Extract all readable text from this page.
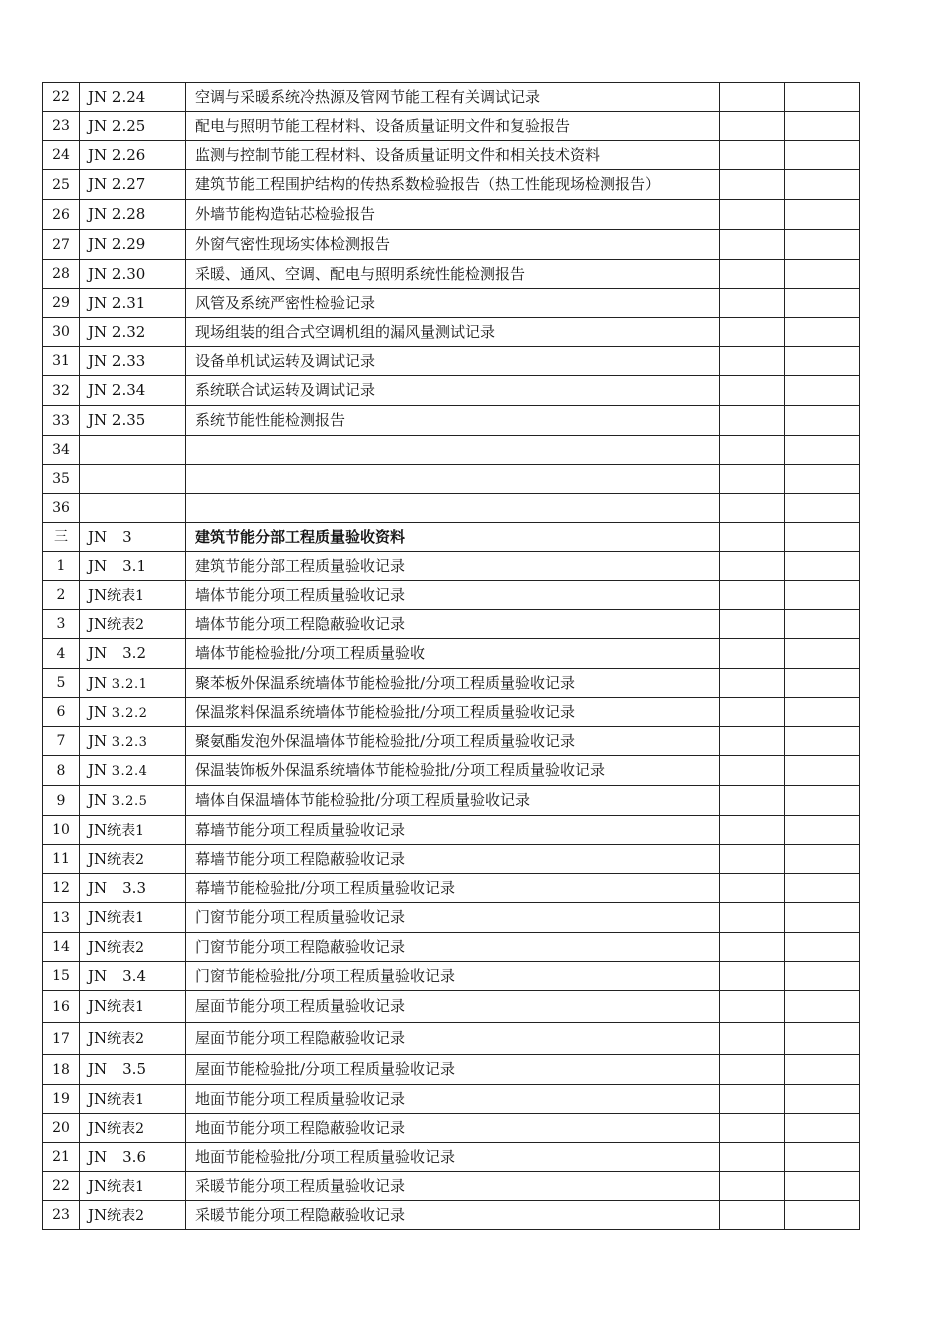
22	JN 2.24	空调与采暖系统冷热源及管网节能工程有关调试记录		
23	JN 2.25	配电与照明节能工程材料、设备质量证明文件和复验报告		
24	JN 2.26	监测与控制节能工程材料、设备质量证明文件和相关技术资料		
25	JN 2.27	建筑节能工程围护结构的传热系数检验报告（热工性能现场检测报告）		
26	JN 2.28	外墙节能构造钻芯检验报告		
27	JN 2.29	外窗气密性现场实体检测报告		
28	JN 2.30	采暖、通风、空调、配电与照明系统性能检测报告		
29	JN 2.31	风管及系统严密性检验记录		
30	JN 2.32	现场组装的组合式空调机组的漏风量测试记录		
31	JN 2.33	设备单机试运转及调试记录		
32	JN 2.34	系统联合试运转及调试记录		
33	JN 2.35	系统节能性能检测报告		
34				
35				
36				
三	JN　3	建筑节能分部工程质量验收资料		
1	JN　3.1	建筑节能分部工程质量验收记录		
2	JN统表1	墙体节能分项工程质量验收记录		
3	JN统表2	墙体节能分项工程隐蔽验收记录		
4	JN　3.2	墙体节能检验批/分项工程质量验收		
5	JN 3.2.1	聚苯板外保温系统墙体节能检验批/分项工程质量验收记录		
6	JN 3.2.2	保温浆料保温系统墙体节能检验批/分项工程质量验收记录		
7	JN 3.2.3	聚氨酯发泡外保温墙体节能检验批/分项工程质量验收记录		
8	JN 3.2.4	保温装饰板外保温系统墙体节能检验批/分项工程质量验收记录		
9	JN 3.2.5	墙体自保温墙体节能检验批/分项工程质量验收记录		
10	JN统表1	幕墙节能分项工程质量验收记录		
11	JN统表2	幕墙节能分项工程隐蔽验收记录		
12	JN　3.3	幕墙节能检验批/分项工程质量验收记录		
13	JN统表1	门窗节能分项工程质量验收记录		
14	JN统表2	门窗节能分项工程隐蔽验收记录		
15	JN　3.4	门窗节能检验批/分项工程质量验收记录		
16	JN统表1	屋面节能分项工程质量验收记录		
17	JN统表2	屋面节能分项工程隐蔽验收记录		
18	JN　3.5	屋面节能检验批/分项工程质量验收记录		
19	JN统表1	地面节能分项工程质量验收记录		
20	JN统表2	地面节能分项工程隐蔽验收记录		
21	JN　3.6	地面节能检验批/分项工程质量验收记录		
22	JN统表1	采暖节能分项工程质量验收记录		
23	JN统表2	采暖节能分项工程隐蔽验收记录		
